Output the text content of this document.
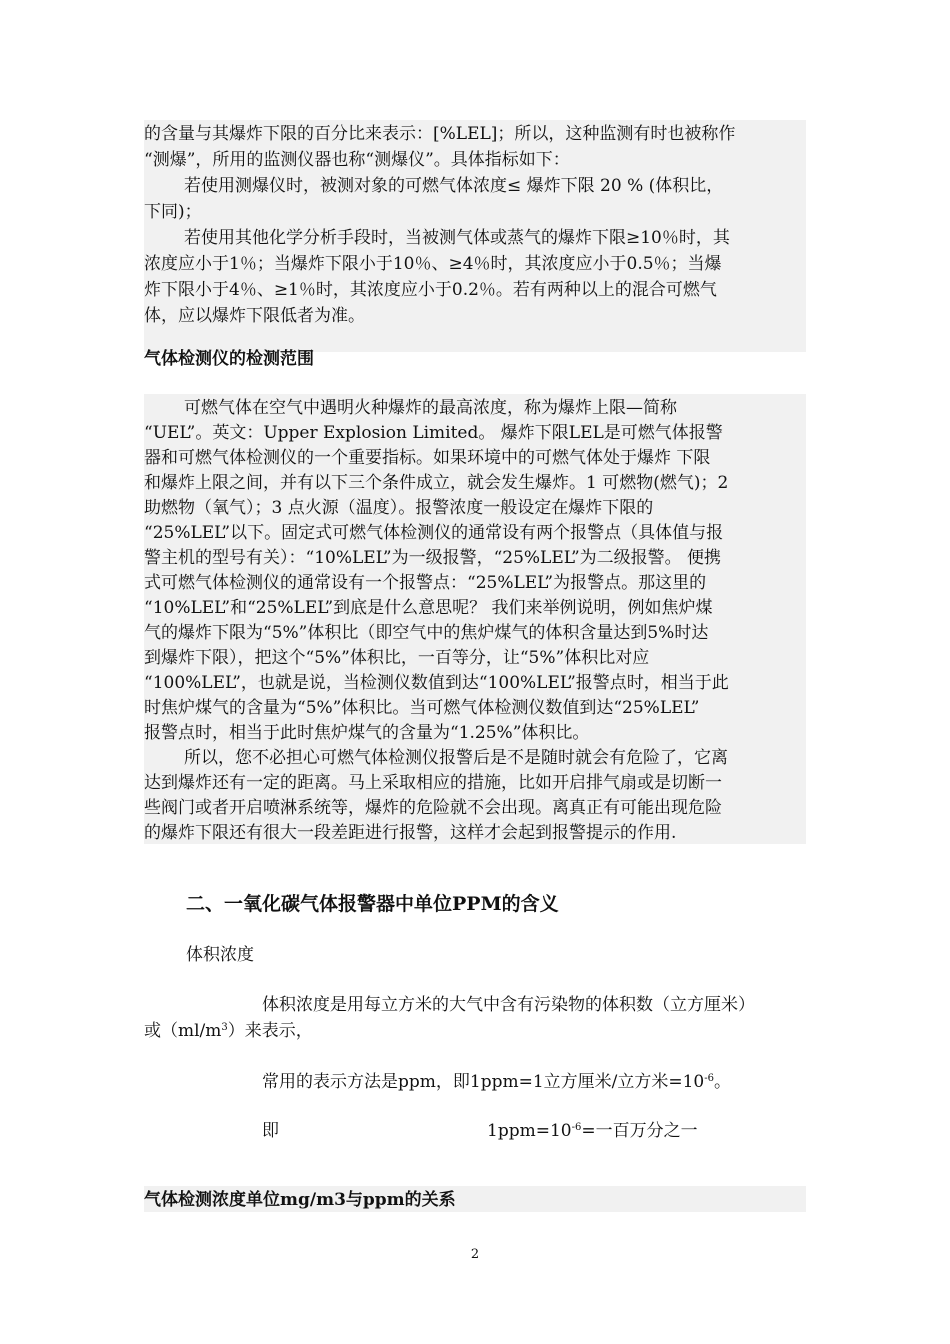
的含量与其爆炸下限的百分比来表示：[%LEL]；所以，这种监测有时也被称作
“测爆”，所用的监测仪器也称“测爆仪”。具体指标如下：
若使用测爆仪时，被测对象的可燃气体浓度≤ 爆炸下限 20 % (体积比，
下同)；
若使用其他化学分析手段时，当被测气体或蒸气的爆炸下限≥10％时，其
浓度应小于1％；当爆炸下限小于10％、≥4％时，其浓度应小于0.5％；当爆
炸下限小于4％、≥1％时，其浓度应小于0.2％。若有两种以上的混合可燃气
体，应以爆炸下限低者为准。
气体检测仪的检测范围
可燃气体在空气中遇明火种爆炸的最高浓度，称为爆炸上限—简称
“UEL”。英文：Upper Explosion Limited。 爆炸下限LEL是可燃气体报警
器和可燃气体检测仪的一个重要指标。如果环境中的可燃气体处于爆炸 下限
和爆炸上限之间，并有以下三个条件成立，就会发生爆炸。1 可燃物(燃气)；2
助燃物（氧气）；3 点火源（温度）。报警浓度一般设定在爆炸下限的
“25%LEL”以下。固定式可燃气体检测仪的通常设有两个报警点（具体值与报
警主机的型号有关）：“10%LEL”为一级报警，“25%LEL”为二级报警。 便携
式可燃气体检测仪的通常设有一个报警点：“25%LEL”为报警点。那这里的
“10%LEL”和“25%LEL”到底是什么意思呢？ 我们来举例说明，例如焦炉煤
气的爆炸下限为“5%”体积比（即空气中的焦炉煤气的体积含量达到5%时达
到爆炸下限），把这个“5%”体积比，一百等分，让“5%”体积比对应
“100%LEL”，也就是说，当检测仪数值到达“100%LEL”报警点时，相当于此
时焦炉煤气的含量为“5%”体积比。当可燃气体检测仪数值到达“25%LEL”
报警点时，相当于此时焦炉煤气的含量为“1.25%”体积比。
所以，您不必担心可燃气体检测仪报警后是不是随时就会有危险了，它离
达到爆炸还有一定的距离。马上采取相应的措施，比如开启排气扇或是切断一
些阀门或者开启喷淋系统等，爆炸的危险就不会出现。离真正有可能出现危险
的爆炸下限还有很大一段差距进行报警，这样才会起到报警提示的作用.
二、一氧化碳气体报警器中单位PPM的含义
体积浓度
体积浓度是用每立方米的大气中含有污染物的体积数（立方厘米）
或$(ml/m^3)$来表示，
常用的表示方法是ppm，即1ppm=1立方厘米/立方米$=10^{-6}$。
即	$1ppm=10^{-6}=$一百万分之一
气体检测浓度单位mg/m3与ppm的关系
2
